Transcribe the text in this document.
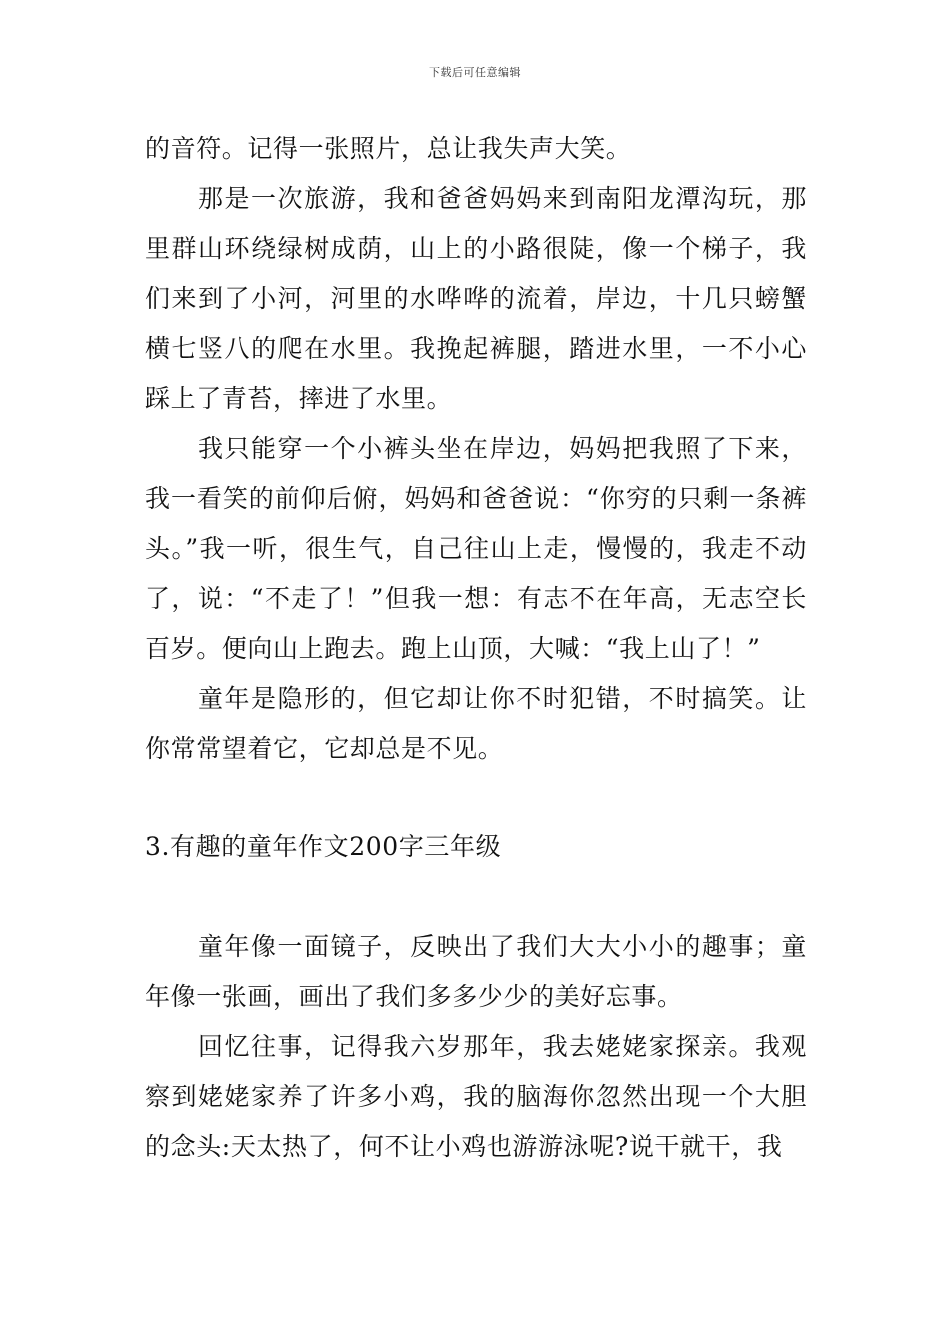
下载后可任意编辑

的音符。记得一张照片，总让我失声大笑。

那是一次旅游，我和爸爸妈妈来到南阳龙潭沟玩，那里群山环绕绿树成荫，山上的小路很陡，像一个梯子，我们来到了小河，河里的水哗哗的流着，岸边，十几只螃蟹横七竖八的爬在水里。我挽起裤腿，踏进水里，一不小心踩上了青苔，摔进了水里。

我只能穿一个小裤头坐在岸边，妈妈把我照了下来，我一看笑的前仰后俯，妈妈和爸爸说：“你穷的只剩一条裤头。”我一听，很生气，自己往山上走，慢慢的，我走不动了，说：“不走了！”但我一想：有志不在年高，无志空长百岁。便向山上跑去。跑上山顶，大喊：“我上山了！”

童年是隐形的，但它却让你不时犯错，不时搞笑。让你常常望着它，它却总是不见。

3.有趣的童年作文200字三年级

童年像一面镜子，反映出了我们大大小小的趣事；童年像一张画，画出了我们多多少少的美好忘事。

回忆往事，记得我六岁那年，我去姥姥家探亲。我观察到姥姥家养了许多小鸡，我的脑海你忽然出现一个大胆的念头:天太热了，何不让小鸡也游游泳呢?说干就干，我
